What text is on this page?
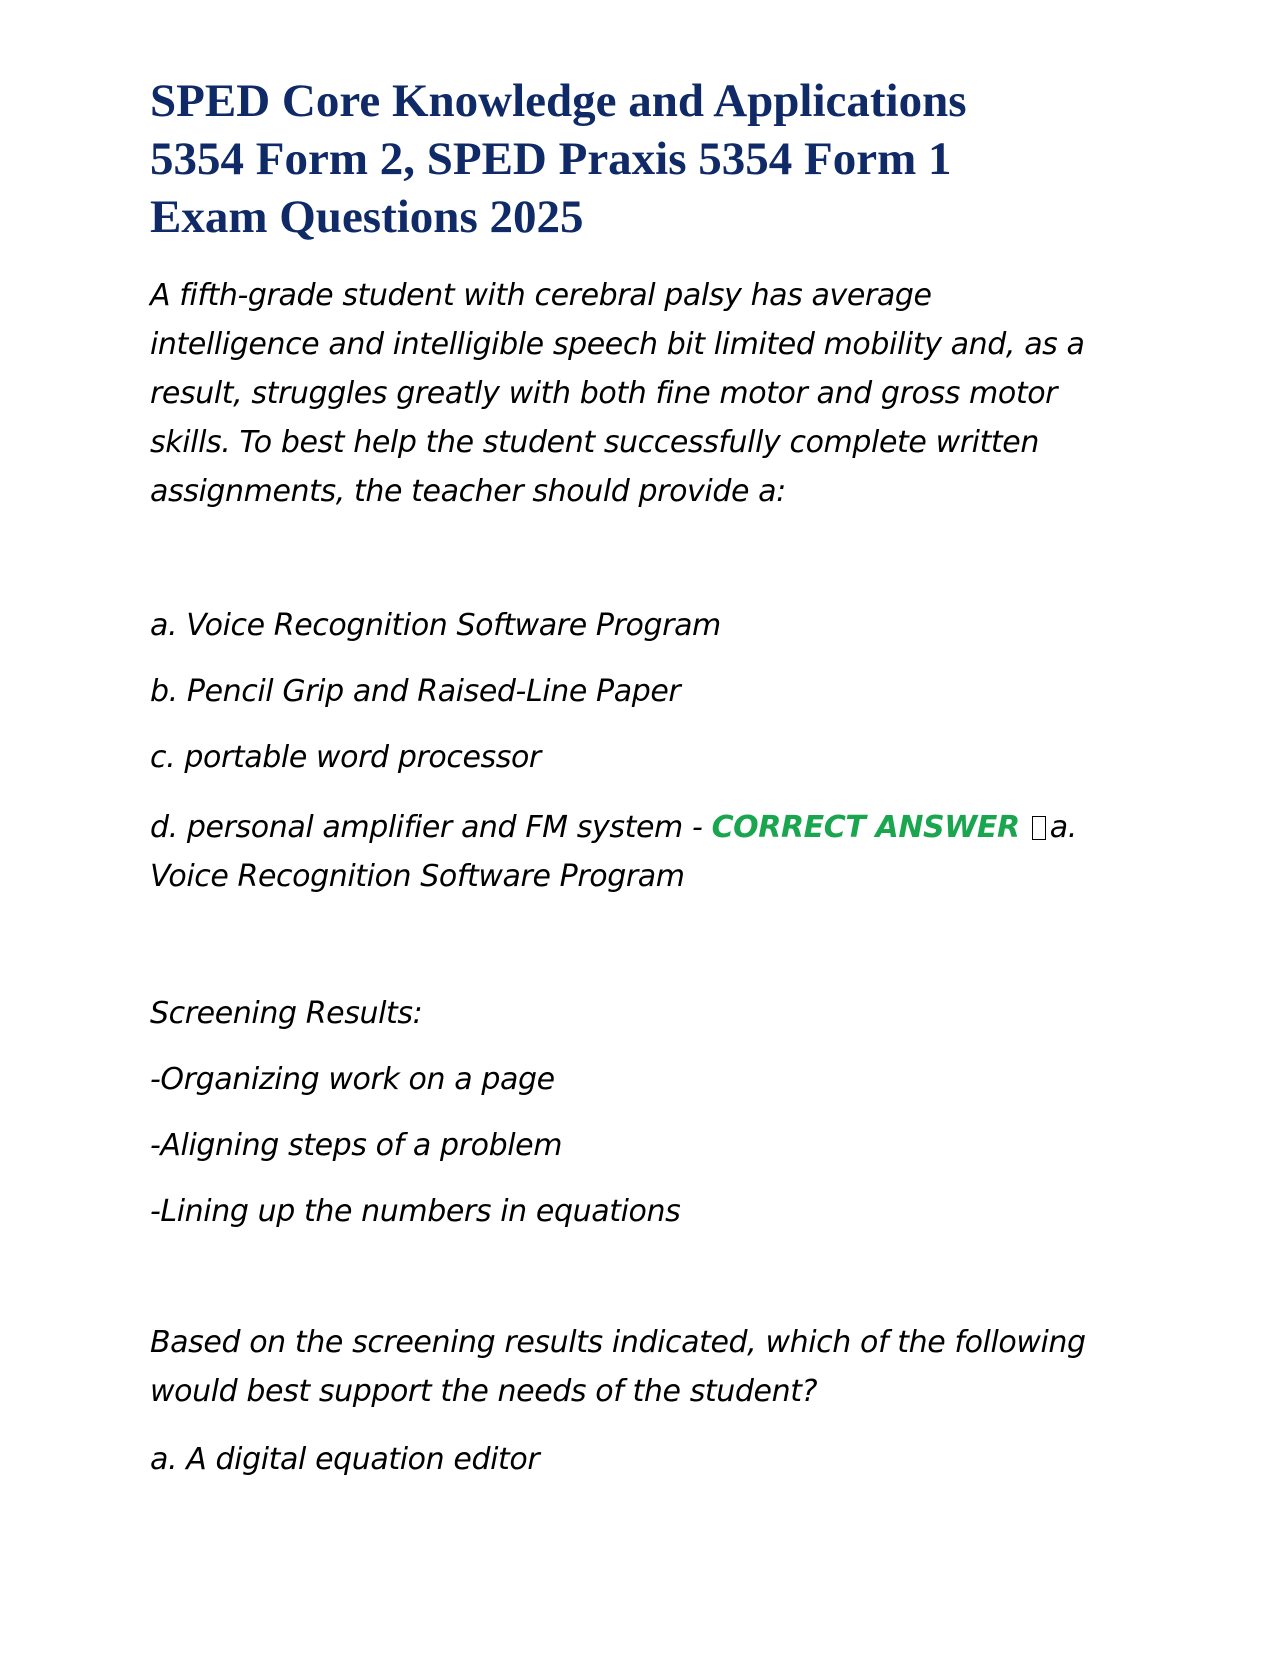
SPED Core Knowledge and Applications
5354 Form 2, SPED Praxis 5354 Form 1
Exam Questions 2025

A fifth-grade student with cerebral palsy has average
intelligence and intelligible speech bit limited mobility and, as a
result, struggles greatly with both fine motor and gross motor
skills. To best help the student successfully complete written
assignments, the teacher should provide a:

a. Voice Recognition Software Program

b. Pencil Grip and Raised-Line Paper

c. portable word processor

d. personal amplifier and FM system - CORRECT ANSWER a.
Voice Recognition Software Program

Screening Results:

-Organizing work on a page

-Aligning steps of a problem

-Lining up the numbers in equations

Based on the screening results indicated, which of the following
would best support the needs of the student?

a. A digital equation editor
